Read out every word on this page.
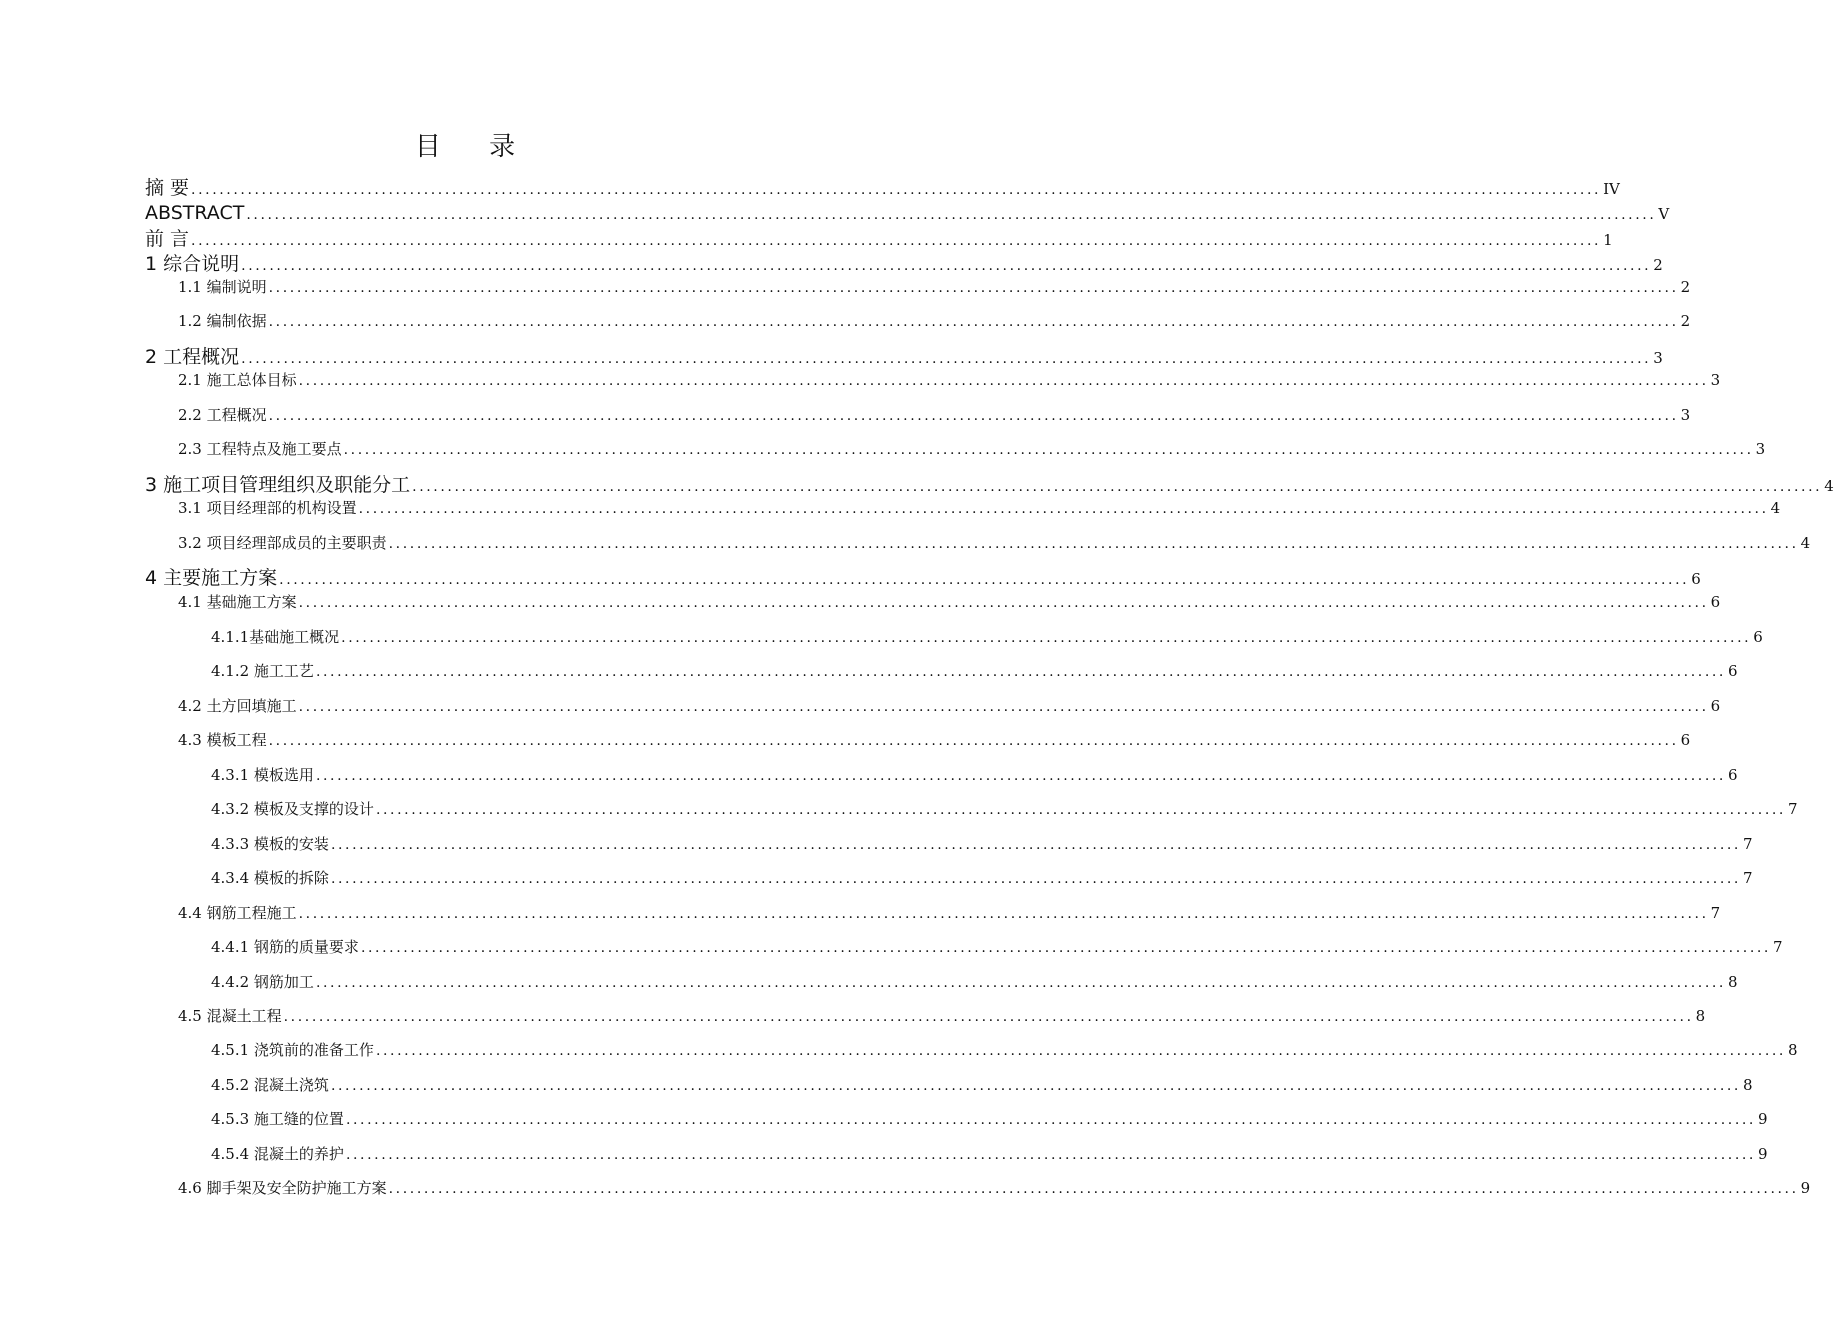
目 录
摘 要 ........................................................................................................................................................................................................ IV
ABSTRACT ........................................................................................................................................................................................................ V
前 言 ........................................................................................................................................................................................................ 1
1 综合说明 ........................................................................................................................................................................................................ 2
1.1 编制说明 ........................................................................................................................................................................................................ 2
1.2 编制依据 ........................................................................................................................................................................................................ 2
2 工程概况 ........................................................................................................................................................................................................ 3
2.1 施工总体目标 ........................................................................................................................................................................................................ 3
2.2 工程概况 ........................................................................................................................................................................................................ 3
2.3 工程特点及施工要点 ........................................................................................................................................................................................................ 3
3 施工项目管理组织及职能分工 ........................................................................................................................................................................................................ 4
3.1 项目经理部的机构设置 ........................................................................................................................................................................................................ 4
3.2 项目经理部成员的主要职责 ........................................................................................................................................................................................................ 4
4 主要施工方案 ........................................................................................................................................................................................................ 6
4.1 基础施工方案 ........................................................................................................................................................................................................ 6
4.1.1基础施工概况 ........................................................................................................................................................................................................ 6
4.1.2 施工工艺 ........................................................................................................................................................................................................ 6
4.2 土方回填施工 ........................................................................................................................................................................................................ 6
4.3 模板工程 ........................................................................................................................................................................................................ 6
4.3.1 模板选用 ........................................................................................................................................................................................................ 6
4.3.2 模板及支撑的设计 ........................................................................................................................................................................................................ 7
4.3.3 模板的安装 ........................................................................................................................................................................................................ 7
4.3.4 模板的拆除 ........................................................................................................................................................................................................ 7
4.4 钢筋工程施工 ........................................................................................................................................................................................................ 7
4.4.1 钢筋的质量要求 ........................................................................................................................................................................................................ 7
4.4.2 钢筋加工 ........................................................................................................................................................................................................ 8
4.5 混凝土工程 ........................................................................................................................................................................................................ 8
4.5.1 浇筑前的准备工作 ........................................................................................................................................................................................................ 8
4.5.2 混凝土浇筑 ........................................................................................................................................................................................................ 8
4.5.3 施工缝的位置 ........................................................................................................................................................................................................ 9
4.5.4 混凝土的养护 ........................................................................................................................................................................................................ 9
4.6 脚手架及安全防护施工方案 ........................................................................................................................................................................................................ 9
